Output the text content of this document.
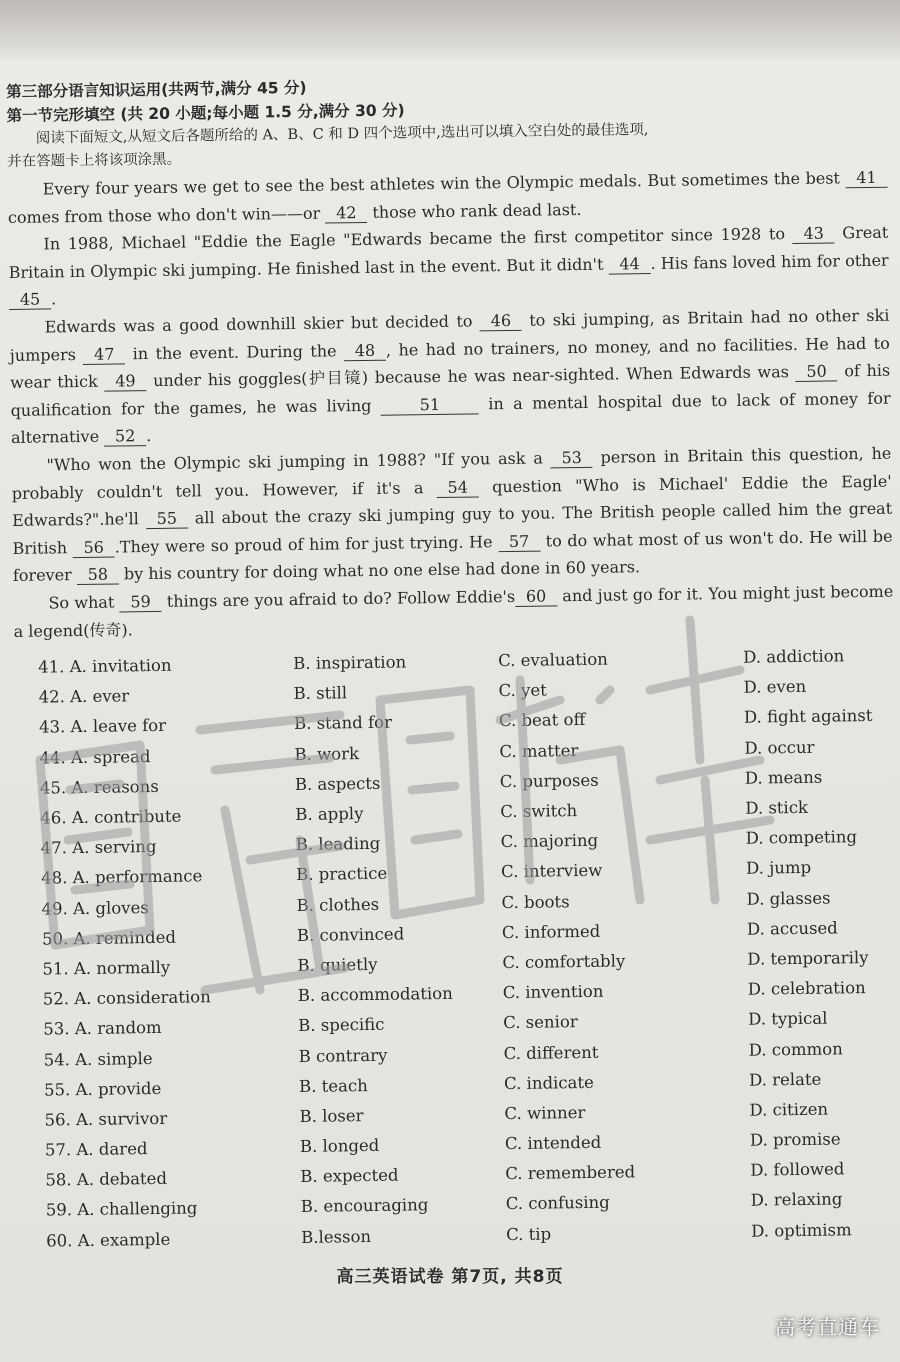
第三部分语言知识运用(共两节,满分 45 分)
第一节完形填空 (共 20 小题;每小题 1.5 分,满分 30 分)

阅读下面短文,从短文后各题所给的 A、B、C 和 D 四个选项中,选出可以填入空白处的最佳选项,

并在答题卡上将该项涂黑。

Every four years we get to see the best athletes win the Olympic medals. But sometimes the best 41 comes from those who don't win——or 42 those who rank dead last.

In 1988, Michael "Eddie the Eagle "Edwards became the first competitor since 1928 to 43 Great Britain in Olympic ski jumping. He finished last in the event. But it didn't 44 . His fans loved him for other 45 .

Edwards was a good downhill skier but decided to 46 to ski jumping, as Britain had no other ski jumpers 47 in the event. During the 48 , he had no trainers, no money, and no facilities. He had to wear thick 49 under his goggles(护目镜) because he was near-sighted. When Edwards was 50 of his qualification for the games, he was living 51 in a mental hospital due to lack of money for alternative 52 .

"Who won the Olympic ski jumping in 1988? "If you ask a 53 person in Britain this question, he probably couldn't tell you. However, if it's a 54 question "Who is Michael' Eddie the Eagle' Edwards?".he'll 55 all about the crazy ski jumping guy to you. The British people called him the great British 56 .They were so proud of him for just trying. He 57 to do what most of us won't do. He will be forever 58 by his country for doing what no one else had done in 60 years.

So what 59 things are you afraid to do? Follow Eddie's 60 and just go for it. You might just become a legend(传奇).

41. A. invitation	B. inspiration	C. evaluation	D. addiction
42. A. ever	B. still	C. yet	D. even
43. A. leave for	B. stand for	C. beat off	D. fight against
44. A. spread	B. work	C. matter	D. occur
45. A. reasons	B. aspects	C. purposes	D. means
46. A. contribute	B. apply	C. switch	D. stick
47. A. serving	B. leading	C. majoring	D. competing
48. A. performance	B. practice	C. interview	D. jump
49. A. gloves	B. clothes	C. boots	D. glasses
50. A. reminded	B. convinced	C. informed	D. accused
51. A. normally	B. quietly	C. comfortably	D. temporarily
52. A. consideration	B. accommodation	C. invention	D. celebration
53. A. random	B. specific	C. senior	D. typical
54. A. simple	B contrary	C. different	D. common
55. A. provide	B. teach	C. indicate	D. relate
56. A. survivor	B. loser	C. winner	D. citizen
57. A. dared	B. longed	C. intended	D. promise
58. A. debated	B. expected	C. remembered	D. followed
59. A. challenging	B. encouraging	C. confusing	D. relaxing
60. A. example	B.lesson	C. tip	D. optimism
高三英语试卷 第7页, 共8页
高考直通车
